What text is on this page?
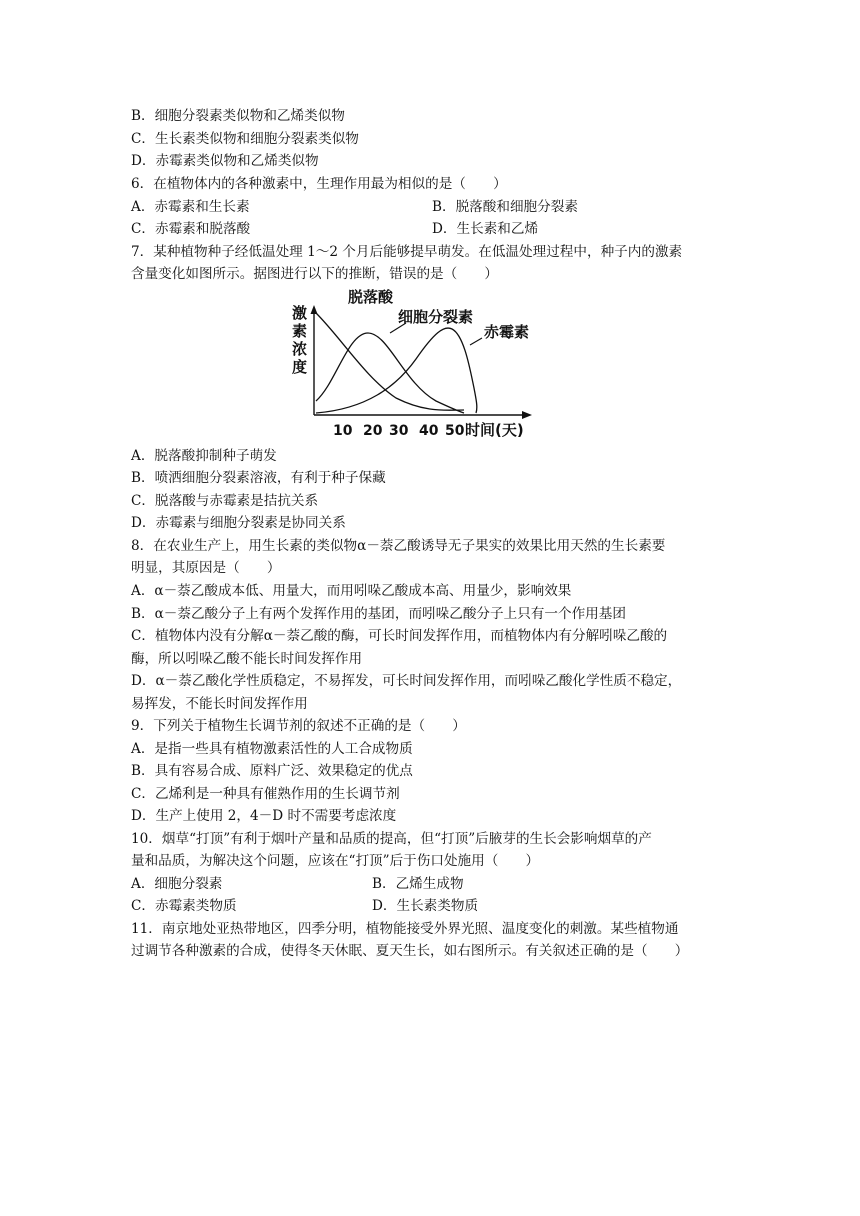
B．细胞分裂素类似物和乙烯类似物
C．生长素类似物和细胞分裂素类似物
D．赤霉素类似物和乙烯类似物
6．在植物体内的各种激素中，生理作用最为相似的是（　　）
A．赤霉素和生长素	B．脱落酸和细胞分裂素
C．赤霉素和脱落酸	D．生长素和乙烯
7．某种植物种子经低温处理 1～2 个月后能够提早萌发。在低温处理过程中，种子内的激素
含量变化如图所示。据图进行以下的推断，错误的是（　　）
激
素
浓
度
脱落酸
细胞分裂素
赤霉素
10 20 30 40 50 时间(天)
A．脱落酸抑制种子萌发
B．喷洒细胞分裂素溶液，有利于种子保藏
C．脱落酸与赤霉素是拮抗关系
D．赤霉素与细胞分裂素是协同关系
8．在农业生产上，用生长素的类似物α－萘乙酸诱导无子果实的效果比用天然的生长素要
明显，其原因是（　　）
A．α－萘乙酸成本低、用量大，而用吲哚乙酸成本高、用量少，影响效果
B．α－萘乙酸分子上有两个发挥作用的基团，而吲哚乙酸分子上只有一个作用基团
C．植物体内没有分解α－萘乙酸的酶，可长时间发挥作用，而植物体内有分解吲哚乙酸的
酶，所以吲哚乙酸不能长时间发挥作用
D．α－萘乙酸化学性质稳定，不易挥发，可长时间发挥作用，而吲哚乙酸化学性质不稳定，
易挥发，不能长时间发挥作用
9．下列关于植物生长调节剂的叙述不正确的是（　　）
A．是指一些具有植物激素活性的人工合成物质
B．具有容易合成、原料广泛、效果稳定的优点
C．乙烯利是一种具有催熟作用的生长调节剂
D．生产上使用 2，4－D 时不需要考虑浓度
10．烟草“打顶”有利于烟叶产量和品质的提高，但“打顶”后腋芽的生长会影响烟草的产
量和品质，为解决这个问题，应该在“打顶”后于伤口处施用（　　）
A．细胞分裂素	B．乙烯生成物
C．赤霉素类物质	D．生长素类物质
11．南京地处亚热带地区，四季分明，植物能接受外界光照、温度变化的刺激。某些植物通
过调节各种激素的合成，使得冬天休眠、夏天生长，如右图所示。有关叙述正确的是（　　）
